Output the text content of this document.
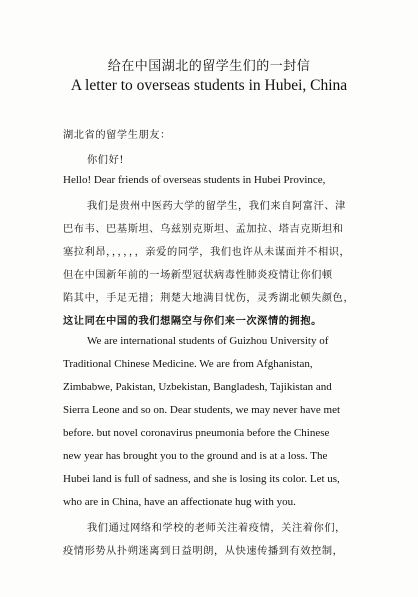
给在中国湖北的留学生们的一封信
A letter to overseas students in Hubei, China
湖北省的留学生朋友：
你们好!
Hello! Dear friends of overseas students in Hubei Province,
我们是贵州中医药大学的留学生，我们来自阿富汗、津
巴布韦、巴基斯坦、乌兹别克斯坦、孟加拉、塔吉克斯坦和
塞拉利昂，，，，，，亲爱的同学，我们也许从未谋面并不相识，
但在中国新年前的一场新型冠状病毒性肺炎疫情让你们顿
陷其中，手足无措；荆楚大地满目忧伤，灵秀湖北顿失颜色，
这让同在中国的我们想隔空与你们来一次深情的拥抱。
We are international students of Guizhou University of
Traditional Chinese Medicine. We are from Afghanistan,
Zimbabwe, Pakistan, Uzbekistan, Bangladesh, Tajikistan and
Sierra Leone and so on. Dear students, we may never have met
before. but novel coronavirus pneumonia before the Chinese
new year has brought you to the ground and is at a loss. The
Hubei land is full of sadness, and she is losing its color. Let us,
who are in China, have an affectionate hug with you.
我们通过网络和学校的老师关注着疫情，关注着你们，
疫情形势从扑朔迷离到日益明朗，从快速传播到有效控制，
